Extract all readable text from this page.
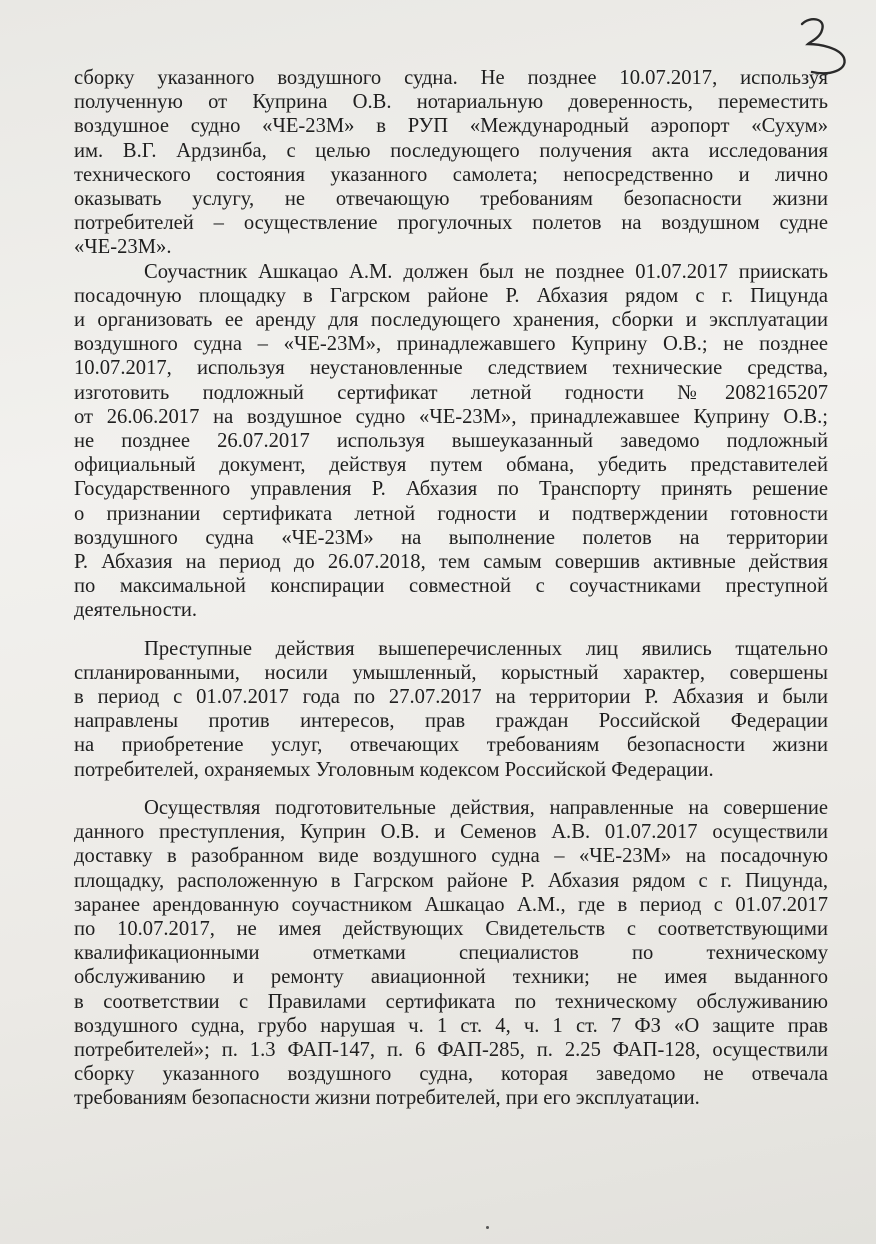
сборку указанного воздушного судна. Не позднее 10.07.2017, используя
полученную от Куприна О.В. нотариальную доверенность, переместить
воздушное судно «ЧЕ-23М» в РУП «Международный аэропорт «Сухум»
им. В.Г. Ардзинба, с целью последующего получения акта исследования
технического состояния указанного самолета; непосредственно и лично
оказывать услугу, не отвечающую требованиям безопасности жизни
потребителей – осуществление прогулочных полетов на воздушном судне
«ЧЕ-23М».

Соучастник Ашкацао А.М. должен был не позднее 01.07.2017 приискать
посадочную площадку в Гагрском районе Р. Абхазия рядом с г. Пицунда
и организовать ее аренду для последующего хранения, сборки и эксплуатации
воздушного судна – «ЧЕ-23М», принадлежавшего Куприну О.В.; не позднее
10.07.2017, используя неустановленные следствием технические средства,
изготовить подложный сертификат летной годности №2082165207
от 26.06.2017 на воздушное судно «ЧЕ-23М», принадлежавшее Куприну О.В.;
не позднее 26.07.2017 используя вышеуказанный заведомо подложный
официальный документ, действуя путем обмана, убедить представителей
Государственного управления Р. Абхазия по Транспорту принять решение
о признании сертификата летной годности и подтверждении готовности
воздушного судна «ЧЕ-23М» на выполнение полетов на территории
Р. Абхазия на период до 26.07.2018, тем самым совершив активные действия
по максимальной конспирации совместной с соучастниками преступной
деятельности.

Преступные действия вышеперечисленных лиц явились тщательно
спланированными, носили умышленный, корыстный характер, совершены
в период с 01.07.2017 года по 27.07.2017 на территории Р. Абхазия и были
направлены против интересов, прав граждан Российской Федерации
на приобретение услуг, отвечающих требованиям безопасности жизни
потребителей, охраняемых Уголовным кодексом Российской Федерации.

Осуществляя подготовительные действия, направленные на совершение
данного преступления, Куприн О.В. и Семенов А.В. 01.07.2017 осуществили
доставку в разобранном виде воздушного судна – «ЧЕ-23М» на посадочную
площадку, расположенную в Гагрском районе Р. Абхазия рядом с г. Пицунда,
заранее арендованную соучастником Ашкацао А.М., где в период с 01.07.2017
по 10.07.2017, не имея действующих Свидетельств с соответствующими
квалификационными отметками специалистов по техническому
обслуживанию и ремонту авиационной техники; не имея выданного
в соответствии с Правилами сертификата по техническому обслуживанию
воздушного судна, грубо нарушая ч. 1 ст. 4, ч. 1 ст. 7 ФЗ «О защите прав
потребителей»; п. 1.3 ФАП-147, п. 6 ФАП-285, п. 2.25 ФАП-128, осуществили
сборку указанного воздушного судна, которая заведомо не отвечала
требованиям безопасности жизни потребителей, при его эксплуатации.
